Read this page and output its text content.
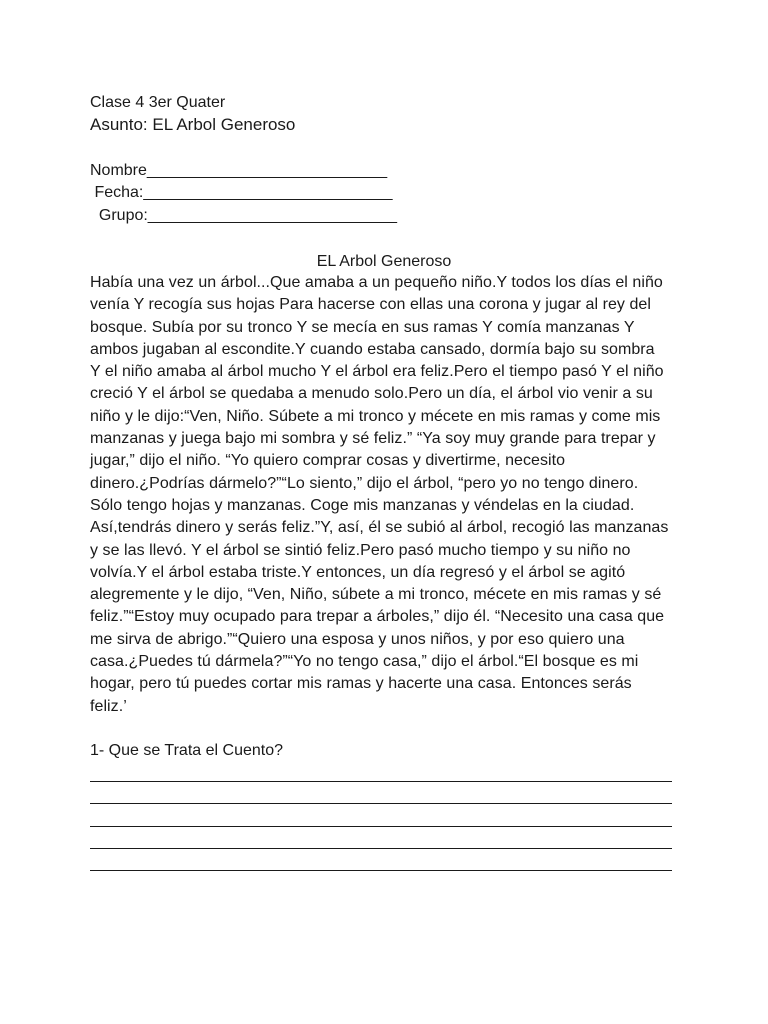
Clase 4 3er Quater
Asunto: EL Arbol Generoso
Nombre___________________________
Fecha:____________________________
Grupo:____________________________
EL Arbol Generoso
Había una vez un árbol...Que amaba a un pequeño niño.Y todos los días el niño
venía Y recogía sus hojas Para hacerse con ellas una corona y jugar al rey del
bosque. Subía por su tronco Y se mecía en sus ramas Y comía manzanas Y
ambos jugaban al escondite.Y cuando estaba cansado, dormía bajo su sombra
Y el niño amaba al árbol mucho Y el árbol era feliz.Pero el tiempo pasó Y el niño
creció Y el árbol se quedaba a menudo solo.Pero un día, el árbol vio venir a su
niño y le dijo:“Ven, Niño. Súbete a mi tronco y mécete en mis ramas y come mis
manzanas y juega bajo mi sombra y sé feliz.” “Ya soy muy grande para trepar y
jugar,” dijo el niño. “Yo quiero comprar cosas y divertirme, necesito
dinero.¿Podrías dármelo?”“Lo siento,” dijo el árbol, “pero yo no tengo dinero.
Sólo tengo hojas y manzanas. Coge mis manzanas y véndelas en la ciudad.
Así,tendrás dinero y serás feliz.”Y, así, él se subió al árbol, recogió las manzanas
y se las llevó. Y el árbol se sintió feliz.Pero pasó mucho tiempo y su niño no
volvía.Y el árbol estaba triste.Y entonces, un día regresó y el árbol se agitó
alegremente y le dijo, “Ven, Niño, súbete a mi tronco, mécete en mis ramas y sé
feliz.”“Estoy muy ocupado para trepar a árboles,” dijo él. “Necesito una casa que
me sirva de abrigo.”“Quiero una esposa y unos niños, y por eso quiero una
casa.¿Puedes tú dármela?”“Yo no tengo casa,” dijo el árbol.“El bosque es mi
hogar, pero tú puedes cortar mis ramas y hacerte una casa. Entonces serás
feliz.’
1- Que se Trata el Cuento?
